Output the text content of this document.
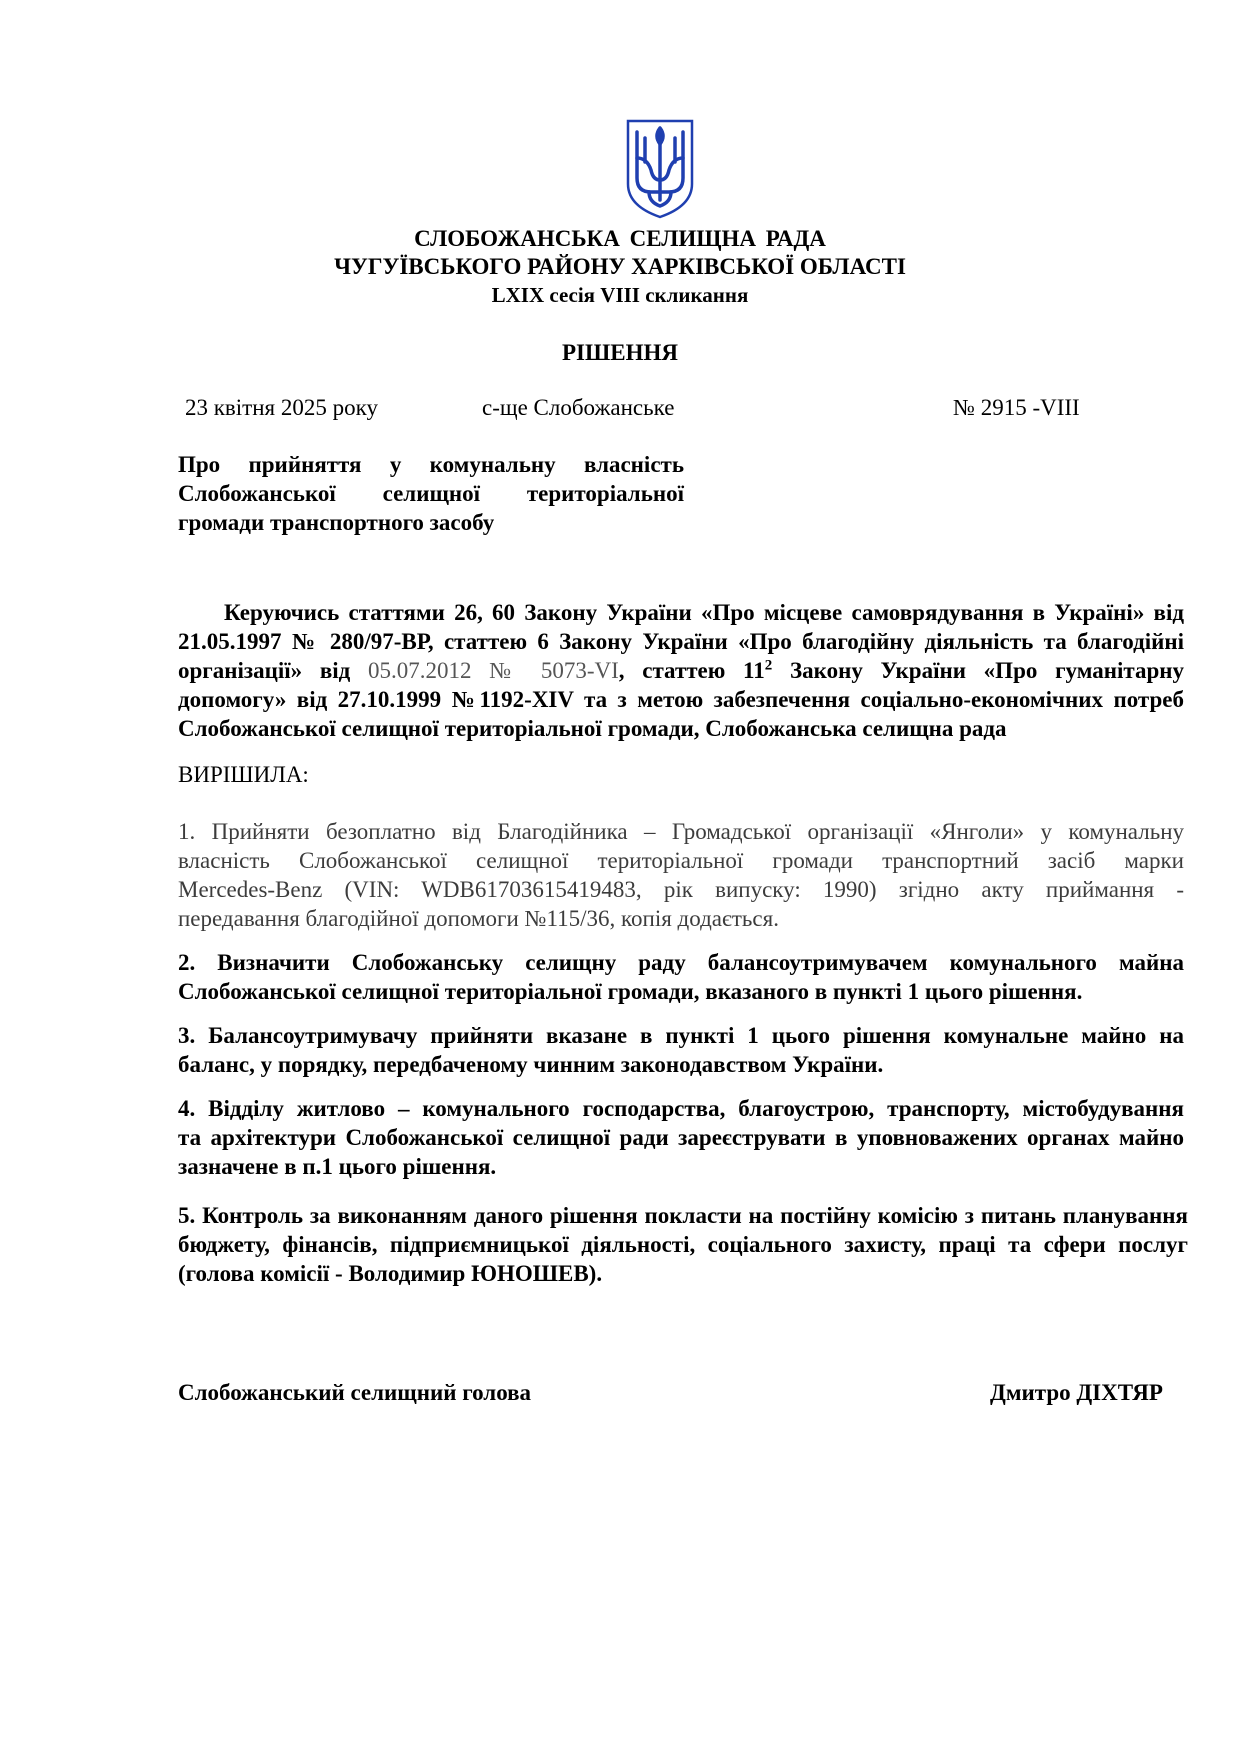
СЛОБОЖАНСЬКА СЕЛИЩНА РАДА
ЧУГУЇВСЬКОГО РАЙОНУ ХАРКІВСЬКОЇ ОБЛАСТІ
LXIX сесія VIII скликання
РІШЕННЯ
23 квітня 2025 року	с-ще Слобожанське	№ 2915 -VIII
Про прийняття у комунальну власність
Слобожанської селищної територіальної
громади транспортного засобу
Керуючись статтями 26, 60 Закону України «Про місцеве самоврядування в Україні» від
21.05.1997 № 280/97-ВР, статтею 6 Закону України «Про благодійну діяльність та благодійні
організації» від 05.07.2012 № 5073-VI, статтею $11^2$ Закону України «Про гуманітарну
допомогу» від 27.10.1999 №1192-XIV та з метою забезпечення соціально-економічних потреб
Слобожанської селищної територіальної громади, Слобожанська селищна рада
ВИРІШИЛА:
1. Прийняти безоплатно від Благодійника – Громадської організації «Янголи» у комунальну
власність Слобожанської селищної територіальної громади транспортний засіб марки
Mercedes-Benz (VIN: WDB61703615419483, рік випуску: 1990) згідно акту приймання -
передавання благодійної допомоги №115/36, копія додається.
2. Визначити Слобожанську селищну раду балансоутримувачем комунального майна
Слобожанської селищної територіальної громади, вказаного в пункті 1 цього рішення.
3. Балансоутримувачу прийняти вказане в пункті 1 цього рішення комунальне майно на
баланс, у порядку, передбаченому чинним законодавством України.
4. Відділу житлово – комунального господарства, благоустрою, транспорту, містобудування
та архітектури Слобожанської селищної ради зареєструвати в уповноважених органах майно
зазначене в п.1 цього рішення.
5. Контроль за виконанням даного рішення покласти на постійну комісію з питань планування
бюджету, фінансів, підприємницької діяльності, соціального захисту, праці та сфери послуг
(голова комісії - Володимир ЮНОШЕВ).
Слобожанський селищний голова	Дмитро ДІХТЯР
